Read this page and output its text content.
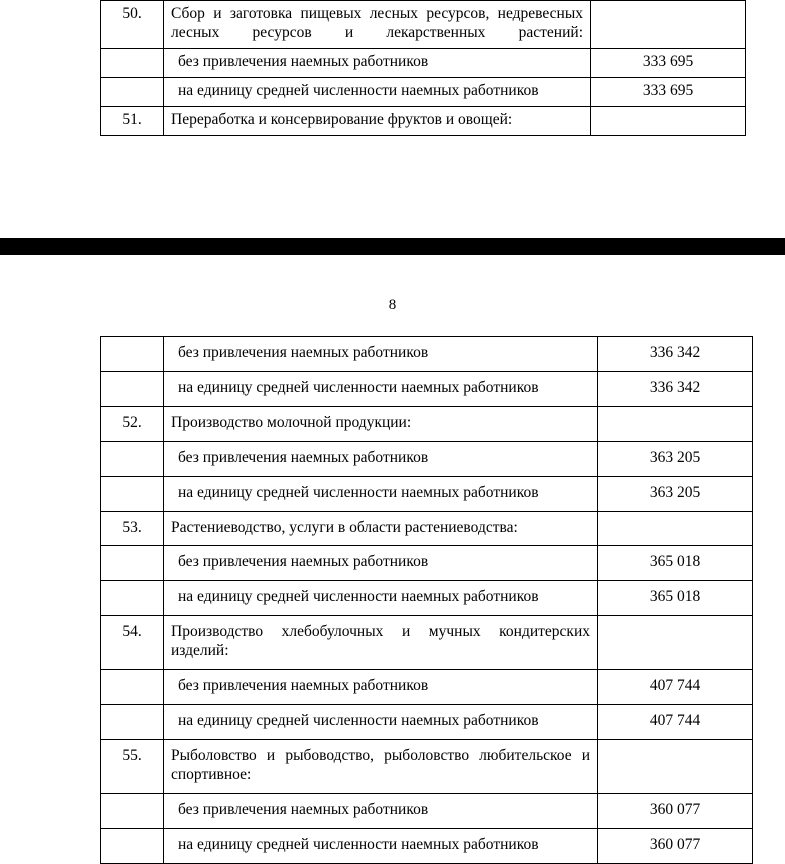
50.	Сбор и заготовка пищевых лесных ресурсов, недревесных лесных ресурсов и лекарственных растений:	
	без привлечения наемных работников	333 695
	на единицу средней численности наемных работников	333 695
51.	Переработка и консервирование фруктов и овощей:	
8
	без привлечения наемных работников	336 342
	на единицу средней численности наемных работников	336 342
52.	Производство молочной продукции:	
	без привлечения наемных работников	363 205
	на единицу средней численности наемных работников	363 205
53.	Растениеводство, услуги в области растениеводства:	
	без привлечения наемных работников	365 018
	на единицу средней численности наемных работников	365 018
54.	Производство хлебобулочных и мучных кондитерских изделий:	
	без привлечения наемных работников	407 744
	на единицу средней численности наемных работников	407 744
55.	Рыболовство и рыбоводство, рыболовство любительское и спортивное:	
	без привлечения наемных работников	360 077
	на единицу средней численности наемных работников	360 077
